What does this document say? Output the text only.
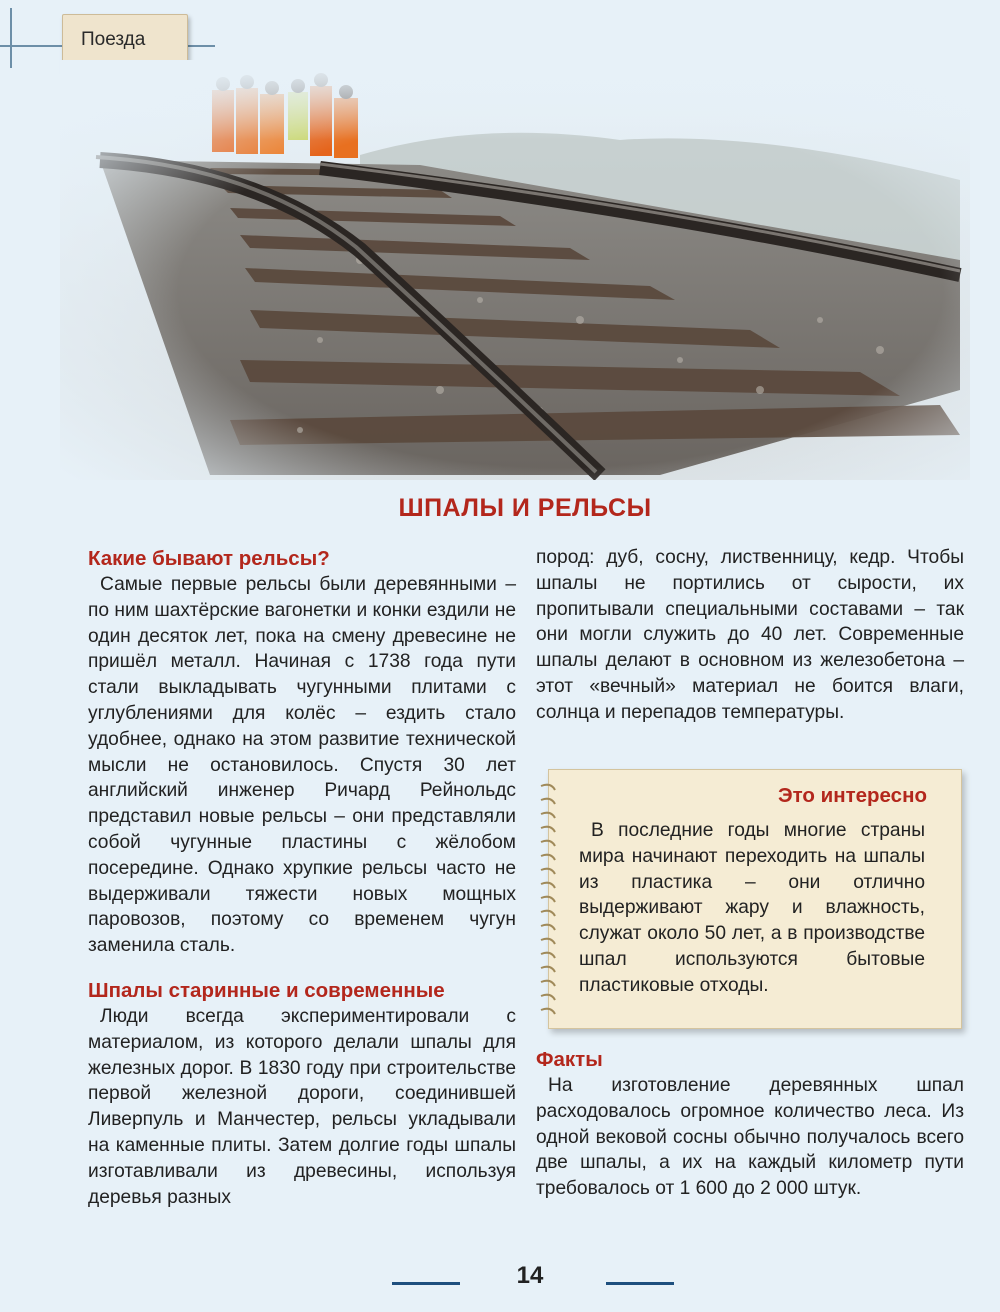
Поезда
ШПАЛЫ И РЕЛЬСЫ
Какие бывают рельсы?

Самые первые рельсы были деревянными – по ним шахтёрские вагонетки и конки ездили не один десяток лет, пока на смену древесине не пришёл металл. Начиная с 1738 года пути стали выкладывать чугунными плитами с углублениями для колёс – ездить стало удобнее, однако на этом развитие технической мысли не остановилось. Спустя 30 лет английский инженер Ричард Рейнольдс представил новые рельсы – они представляли собой чугунные пластины с жёлобом посередине. Однако хрупкие рельсы часто не выдерживали тяжести новых мощных паровозов, поэтому со временем чугун заменила сталь.

Шпалы старинные и современные

Люди всегда экспериментировали с материалом, из которого делали шпалы для железных дорог. В 1830 году при строительстве первой железной дороги, соединившей Ливерпуль и Манчестер, рельсы укладывали на каменные плиты. Затем долгие годы шпалы изготавливали из древесины, используя деревья разных

пород: дуб, сосну, лиственницу, кедр. Чтобы шпалы не портились от сырости, их пропитывали специальными составами – так они могли служить до 40 лет. Современные шпалы делают в основном из железобетона – этот «вечный» материал не боится влаги, солнца и перепадов температуры.

Это интересно

В последние годы многие страны мира начинают переходить на шпалы из пластика – они отлично выдерживают жару и влажность, служат около 50 лет, а в производстве шпал используются бытовые пластиковые отходы.

Факты

На изготовление деревянных шпал расходовалось огромное количество леса. Из одной вековой сосны обычно получалось всего две шпалы, а их на каждый километр пути требовалось от 1 600 до 2 000 штук.

14
